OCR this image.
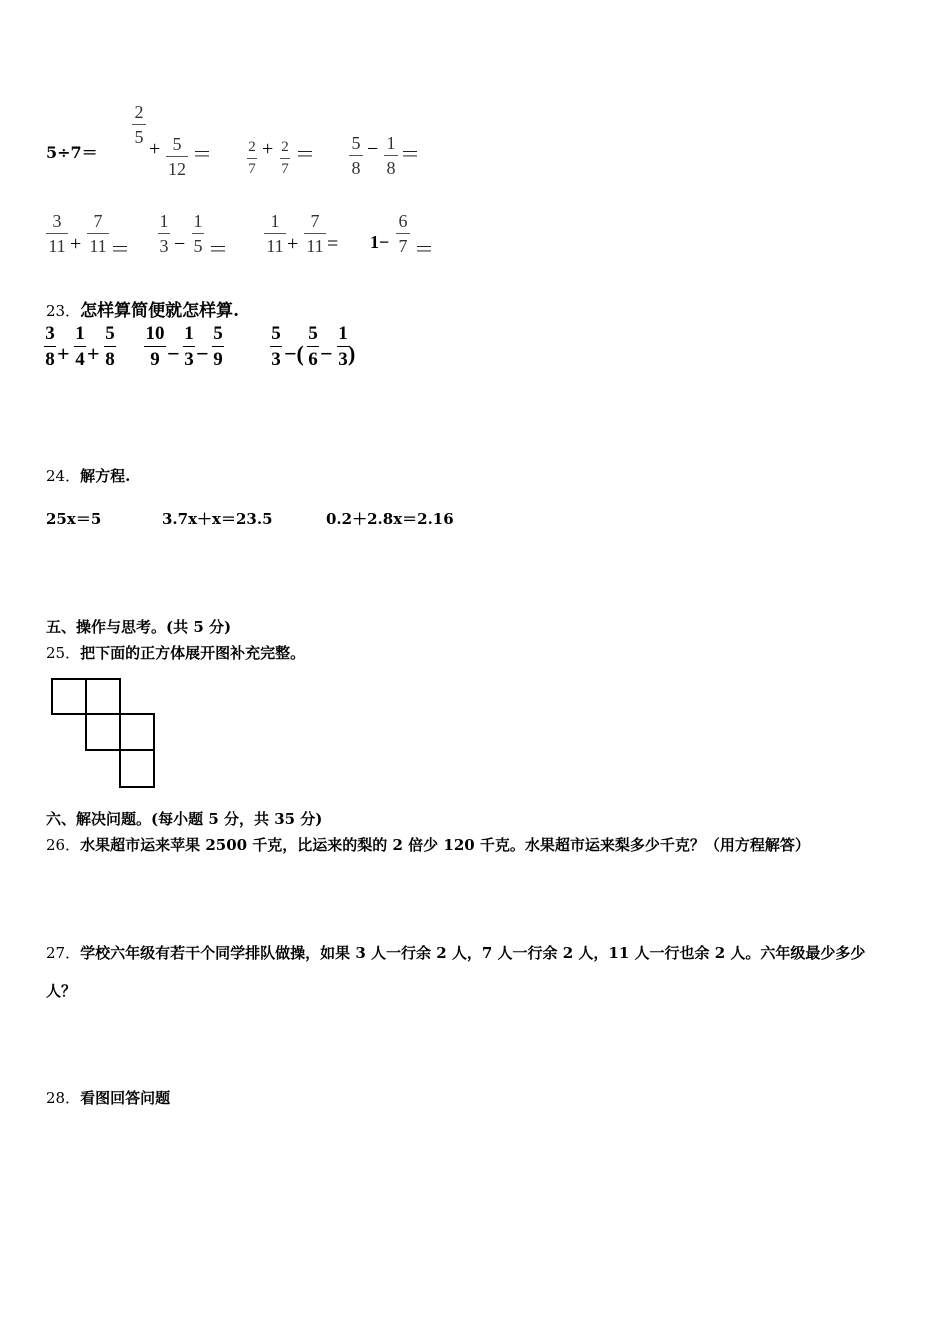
5÷7＝
2
5
+ 5
12
＝ 2
7
+ 2
7
＝
5
8
− 1
8
＝
3
11 +
7
11 ＝
1
3 −
1
5 ＝
1
11 +
7
11 = 1−
6
7 ＝
23．怎样算简便就怎样算.
3
8 +
1
4 +
5
8
10
9 −
1
3 −
5
9
5
3 −(
5
6 −
1
3 )
24．解方程.
25x＝5	3.7x＋x＝23.5	0.2＋2.8x＝2.16
五、操作与思考。(共 5 分)
25．把下面的正方体展开图补充完整。
六、解决问题。(每小题 5 分，共 35 分)
26．水果超市运来苹果 2500 千克，比运来的梨的 2 倍少 120 千克。水果超市运来梨多少千克？（用方程解答）
27．学校六年级有若干个同学排队做操，如果 3 人一行余 2 人，7 人一行余 2 人，11 人一行也余 2 人。六年级最少多少
人？
28．看图回答问题
